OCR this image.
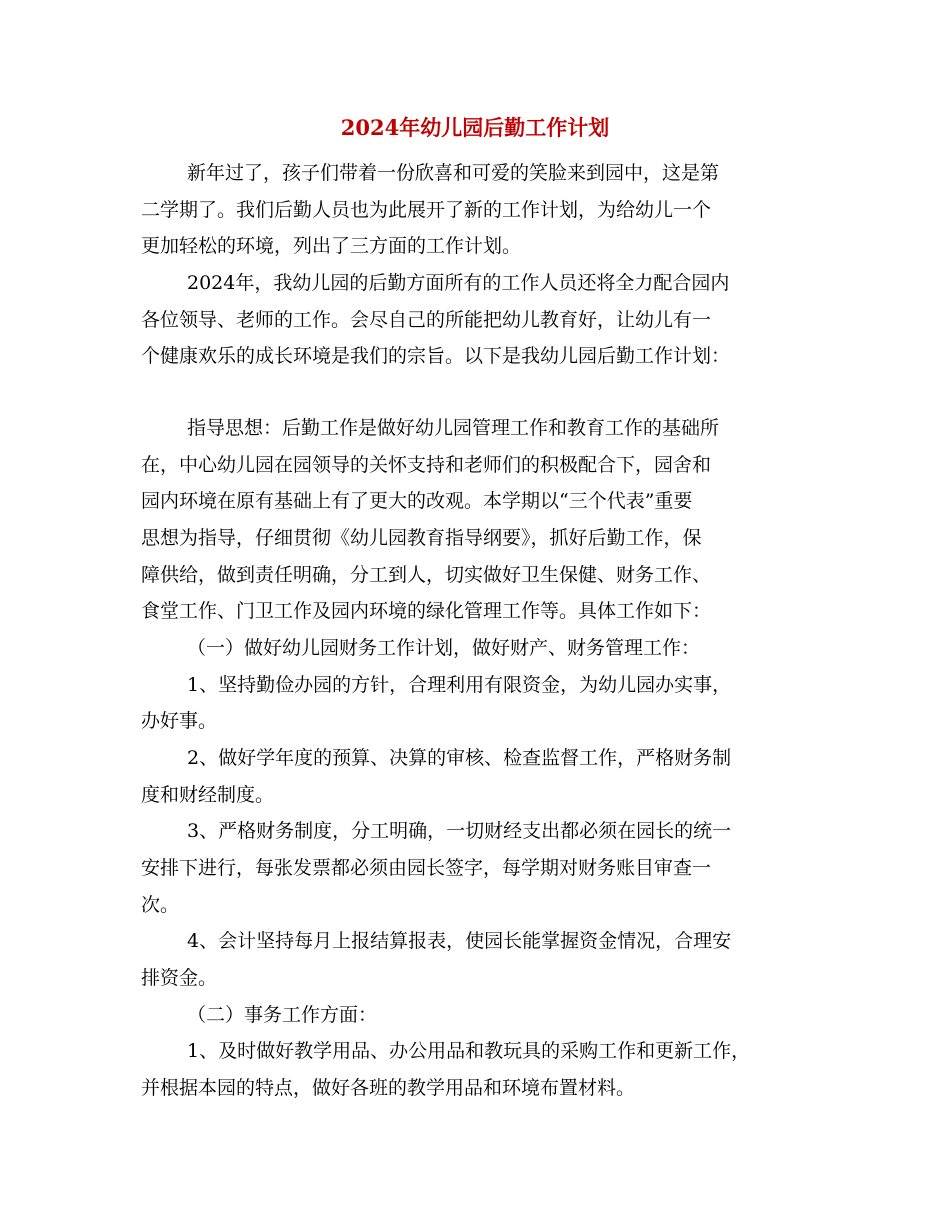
2024年幼儿园后勤工作计划
新年过了，孩子们带着一份欣喜和可爱的笑脸来到园中，这是第
二学期了。我们后勤人员也为此展开了新的工作计划，为给幼儿一个
更加轻松的环境，列出了三方面的工作计划。
2024年，我幼儿园的后勤方面所有的工作人员还将全力配合园内
各位领导、老师的工作。会尽自己的所能把幼儿教育好，让幼儿有一
个健康欢乐的成长环境是我们的宗旨。以下是我幼儿园后勤工作计划：
指导思想：后勤工作是做好幼儿园管理工作和教育工作的基础所
在，中心幼儿园在园领导的关怀支持和老师们的积极配合下，园舍和
园内环境在原有基础上有了更大的改观。本学期以“三个代表”重要
思想为指导，仔细贯彻《幼儿园教育指导纲要》，抓好后勤工作，保
障供给，做到责任明确，分工到人，切实做好卫生保健、财务工作、
食堂工作、门卫工作及园内环境的绿化管理工作等。具体工作如下：
（一）做好幼儿园财务工作计划，做好财产、财务管理工作：
1、坚持勤俭办园的方针，合理利用有限资金，为幼儿园办实事，
办好事。
2、做好学年度的预算、决算的审核、检查监督工作，严格财务制
度和财经制度。
3、严格财务制度，分工明确，一切财经支出都必须在园长的统一
安排下进行，每张发票都必须由园长签字，每学期对财务账目审查一
次。
4、会计坚持每月上报结算报表，使园长能掌握资金情况，合理安
排资金。
（二）事务工作方面：
1、及时做好教学用品、办公用品和教玩具的采购工作和更新工作，
并根据本园的特点，做好各班的教学用品和环境布置材料。
